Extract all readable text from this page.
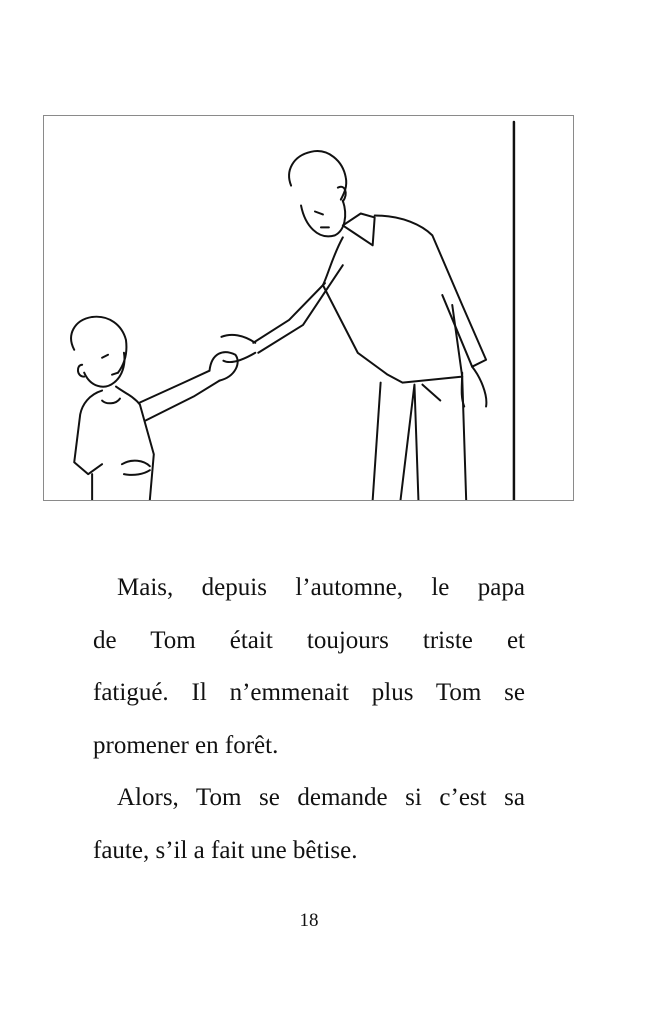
Mais, depuis l’automne, le papa
de Tom était toujours triste et
fatigué. Il n’emmenait plus Tom se
promener en forêt.

Alors, Tom se demande si c’est sa
faute, s’il a fait une bêtise.

18
